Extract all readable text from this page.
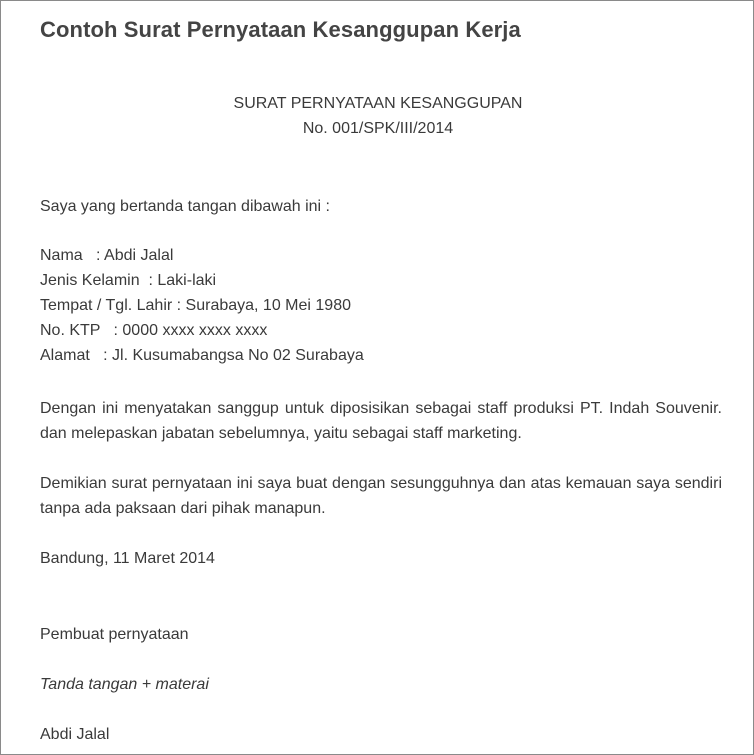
Contoh Surat Pernyataan Kesanggupan Kerja
SURAT PERNYATAAN KESANGGUPAN
No. 001/SPK/III/2014
Saya yang bertanda tangan dibawah ini :
Nama   : Abdi Jalal
Jenis Kelamin  : Laki-laki
Tempat / Tgl. Lahir : Surabaya, 10 Mei 1980
No. KTP   : 0000 xxxx xxxx xxxx
Alamat   : Jl. Kusumabangsa No 02 Surabaya
Dengan ini menyatakan sanggup untuk diposisikan sebagai staff produksi PT. Indah Souvenir. dan melepaskan jabatan sebelumnya, yaitu sebagai staff marketing.
Demikian surat pernyataan ini saya buat dengan sesungguhnya dan atas kemauan saya sendiri tanpa ada paksaan dari pihak manapun.
Bandung, 11 Maret 2014
Pembuat pernyataan
Tanda tangan + materai
Abdi Jalal
